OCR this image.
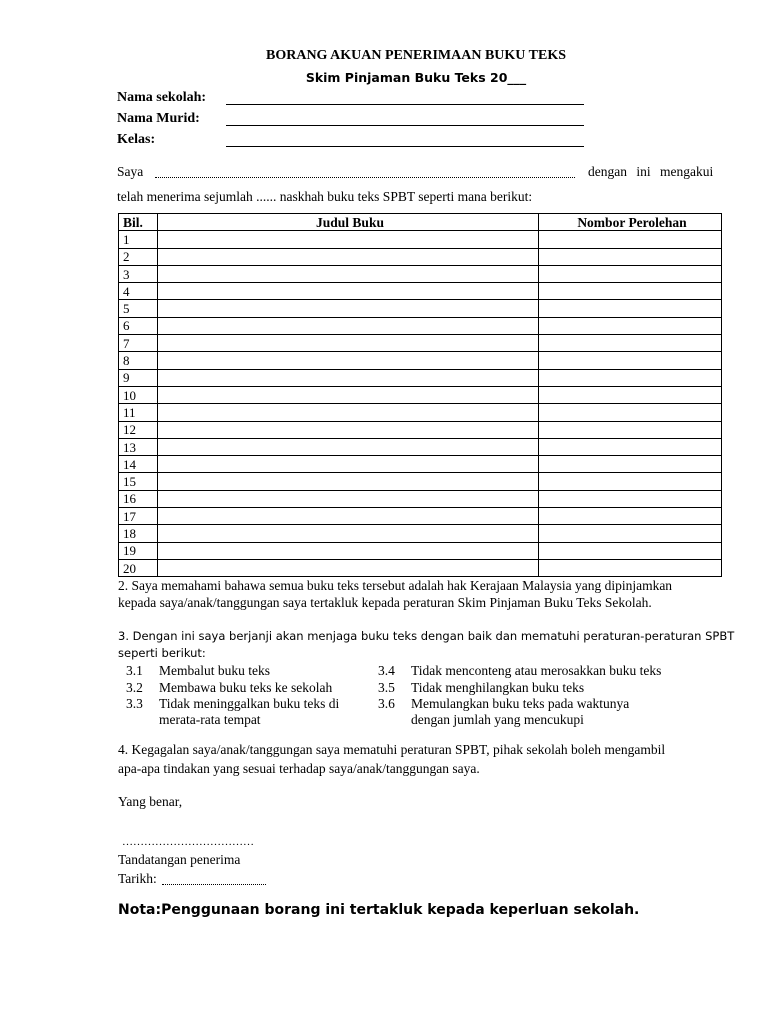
BORANG AKUAN PENERIMAAN BUKU TEKS
Skim Pinjaman Buku Teks 20___
Nama sekolah:
Nama Murid:
Kelas:
Saya	dengan ini mengakui
telah menerima sejumlah ...... naskhah buku teks SPBT seperti mana berikut:
Bil.	Judul Buku	Nombor Perolehan
1		
2		
3		
4		
5		
6		
7		
8		
9		
10		
11		
12		
13		
14		
15		
16		
17		
18		
19		
20		
2. Saya memahami bahawa semua buku teks tersebut adalah hak Kerajaan Malaysia yang dipinjamkan
kepada saya/anak/tanggungan saya tertakluk kepada peraturan Skim Pinjaman Buku Teks Sekolah.
3. Dengan ini saya berjanji akan menjaga buku teks dengan baik dan mematuhi peraturan-peraturan SPBT
seperti berikut:
3.1 Membalut buku teks
3.2 Membawa buku teks ke sekolah
3.3 Tidak meninggalkan buku teks di
merata-rata tempat
3.4 Tidak menconteng atau merosakkan buku teks
3.5 Tidak menghilangkan buku teks
3.6 Memulangkan buku teks pada waktunya
dengan jumlah yang mencukupi
4. Kegagalan saya/anak/tanggungan saya mematuhi peraturan SPBT, pihak sekolah boleh mengambil
apa-apa tindakan yang sesuai terhadap saya/anak/tanggungan saya.
Yang benar,
………………………………
Tandatangan penerima
Tarikh:
Nota:Penggunaan borang ini tertakluk kepada keperluan sekolah.
